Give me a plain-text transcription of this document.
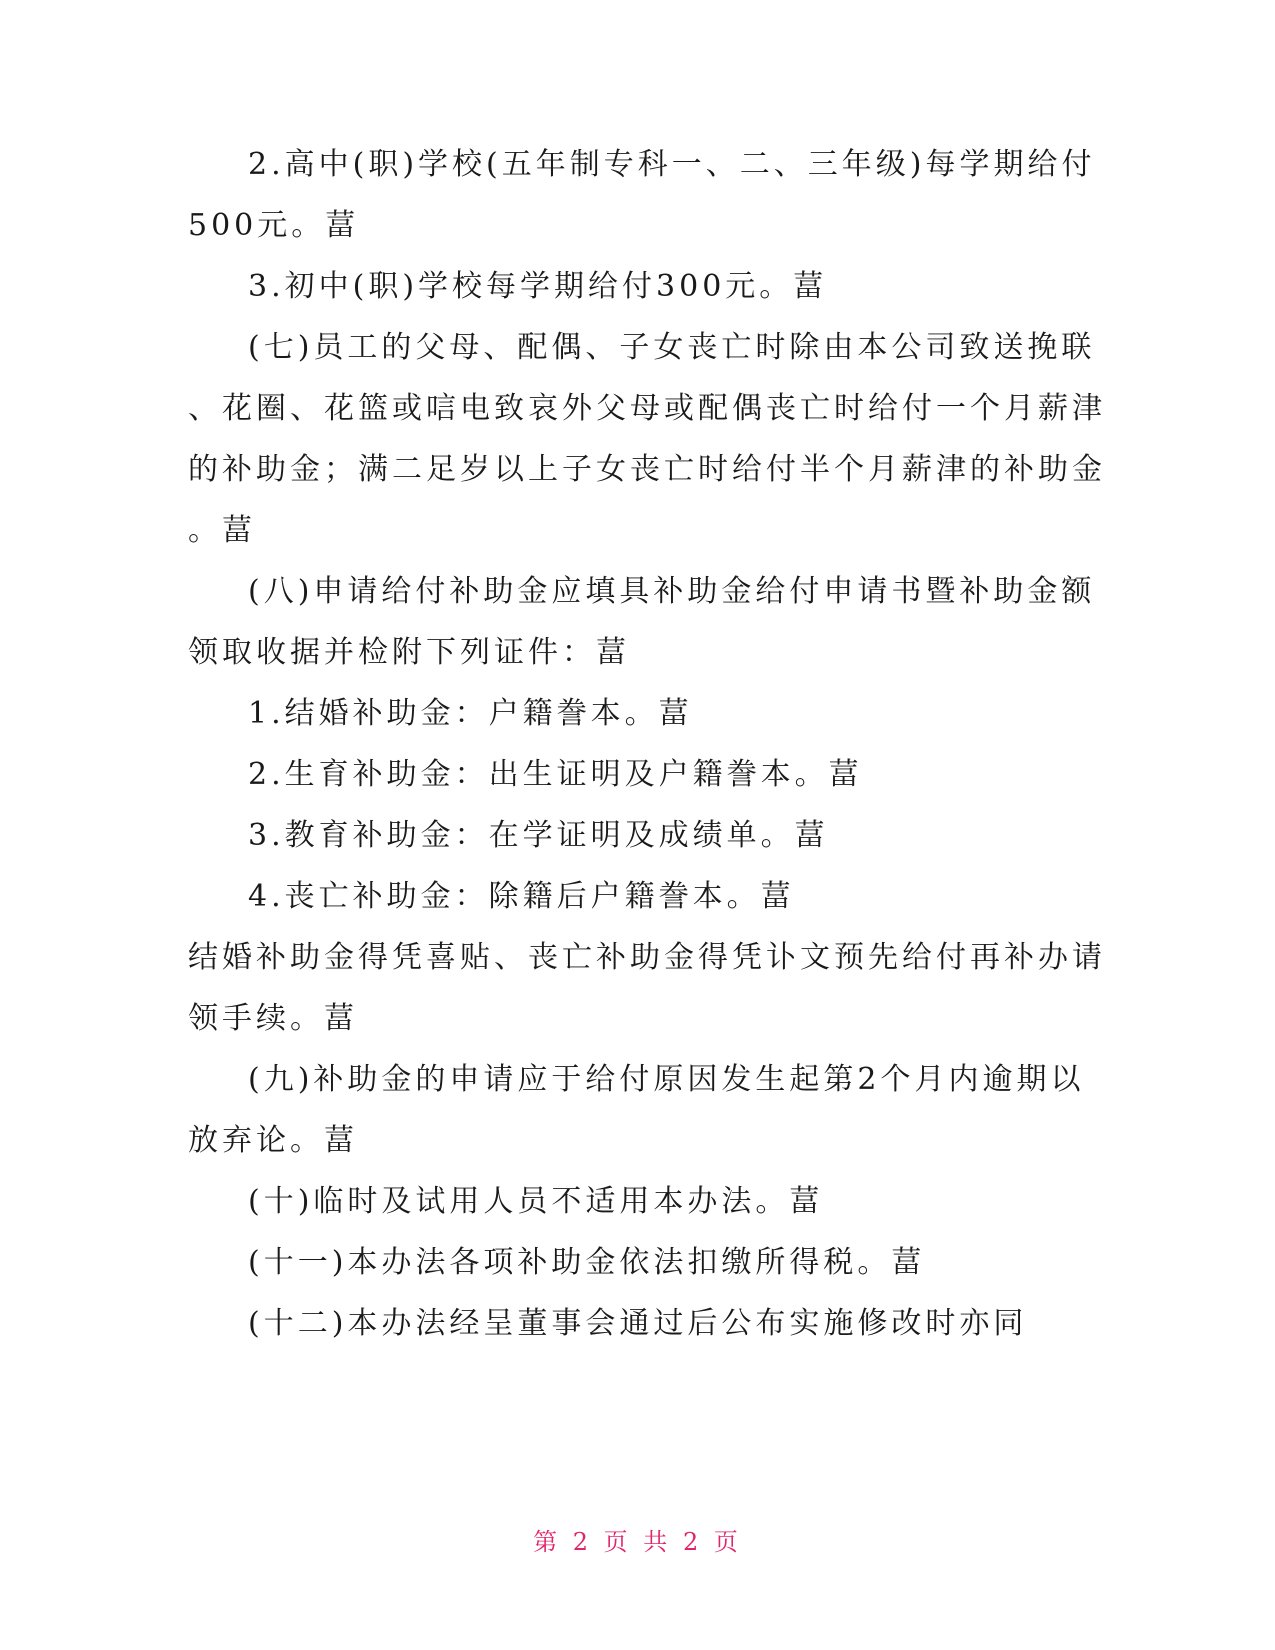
2.高中(职)学校(五年制专科一、二、三年级)每学期给付
500元。葍
3.初中(职)学校每学期给付300元。葍
(七)员工的父母、配偶、子女丧亡时除由本公司致送挽联
、花圈、花篮或唁电致哀外父母或配偶丧亡时给付一个月薪津
的补助金；满二足岁以上子女丧亡时给付半个月薪津的补助金
。葍
(八)申请给付补助金应填具补助金给付申请书暨补助金额
领取收据并检附下列证件：葍
1.结婚补助金：户籍誊本。葍
2.生育补助金：出生证明及户籍誊本。葍
3.教育补助金：在学证明及成绩单。葍
4.丧亡补助金：除籍后户籍誊本。葍
结婚补助金得凭喜贴、丧亡补助金得凭讣文预先给付再补办请
领手续。葍
(九)补助金的申请应于给付原因发生起第2个月内逾期以
放弃论。葍
(十)临时及试用人员不适用本办法。葍
(十一)本办法各项补助金依法扣缴所得税。葍
(十二)本办法经呈董事会通过后公布实施修改时亦同
第 2 页 共 2 页
